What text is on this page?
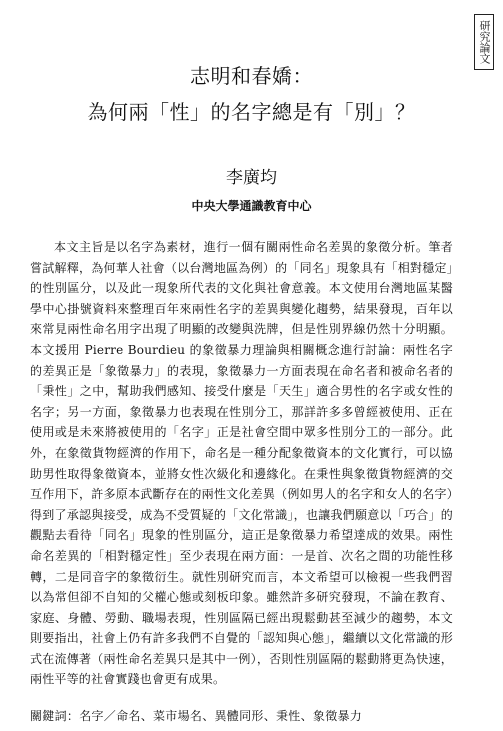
研究論文
志明和春嬌：
為何兩「性」的名字總是有「別」？
李廣均
中央大學通識教育中心

本文主旨是以名字為素材，進行一個有關兩性命名差異的象徵分析。筆者嘗試解釋，為何華人社會（以台灣地區為例）的「同名」現象具有「相對穩定」的性別區分，以及此一現象所代表的文化與社會意義。本文使用台灣地區某醫學中心掛號資料來整理百年來兩性名字的差異與變化趨勢，結果發現，百年以來常見兩性命名用字出現了明顯的改變與洗牌，但是性別界線仍然十分明顯。本文援用 Pierre Bourdieu 的象徵暴力理論與相關概念進行討論：兩性名字的差異正是「象徵暴力」的表現，象徵暴力一方面表現在命名者和被命名者的「秉性」之中，幫助我們感知、接受什麼是「天生」適合男性的名字或女性的名字；另一方面，象徵暴力也表現在性別分工，那詳許多多曾經被使用、正在使用或是未來將被使用的「名字」正是社會空間中眾多性別分工的一部分。此外，在象徵貨物經濟的作用下，命名是一種分配象徵資本的文化實行，可以協助男性取得象徵資本，並將女性次級化和邊緣化。在秉性與象徵貨物經濟的交互作用下，許多原本武斷存在的兩性文化差異（例如男人的名字和女人的名字）得到了承認與接受，成為不受質疑的「文化常識」，也讓我們願意以「巧合」的觀點去看待「同名」現象的性別區分，這正是象徵暴力希望達成的效果。兩性命名差異的「相對穩定性」至少表現在兩方面：一是首、次名之間的功能性移轉，二是同音字的象徵衍生。就性別研究而言，本文希望可以檢視一些我們習以為常但卻不自知的父權心態或刻板印象。雖然許多研究發現，不論在教育、家庭、身體、勞動、職場表現，性別區隔已經出現鬆動甚至減少的趨勢，本文則要指出，社會上仍有許多我們不自覺的「認知與心態」，繼續以文化常識的形式在流傳著（兩性命名差異只是其中一例），否則性別區隔的鬆動將更為快速，兩性平等的社會實踐也會更有成果。

關鍵詞：名字／命名、菜市場名、異體同形、秉性、象徵暴力
